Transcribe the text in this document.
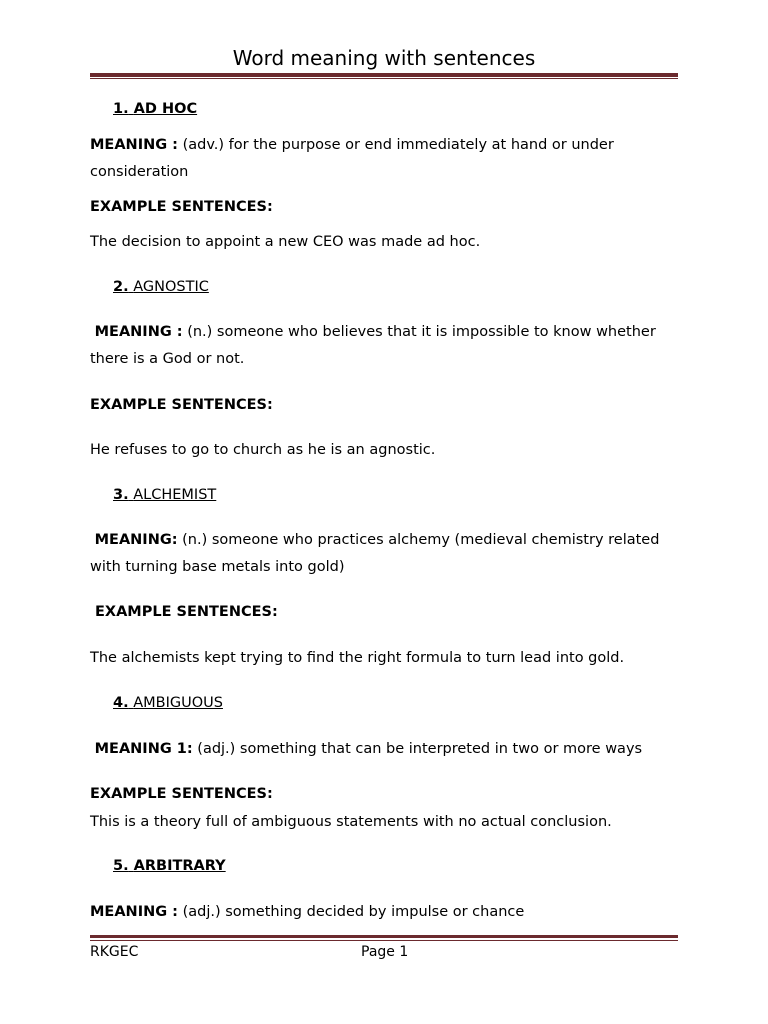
Word meaning with sentences
1. AD HOC
MEANING : (adv.) for the purpose or end immediately at hand or under consideration
EXAMPLE SENTENCES:
The decision to appoint a new CEO was made ad hoc.
2. AGNOSTIC
MEANING : (n.) someone who believes that it is impossible to know whether there is a God or not.
EXAMPLE SENTENCES:
He refuses to go to church as he is an agnostic.
3. ALCHEMIST
MEANING: (n.) someone who practices alchemy (medieval chemistry related with turning base metals into gold)
EXAMPLE SENTENCES:
The alchemists kept trying to find the right formula to turn lead into gold.
4. AMBIGUOUS
MEANING 1: (adj.) something that can be interpreted in two or more ways
EXAMPLE SENTENCES:
This is a theory full of ambiguous statements with no actual conclusion.
5. ARBITRARY
MEANING : (adj.) something decided by impulse or chance
RKGEC	Page 1
